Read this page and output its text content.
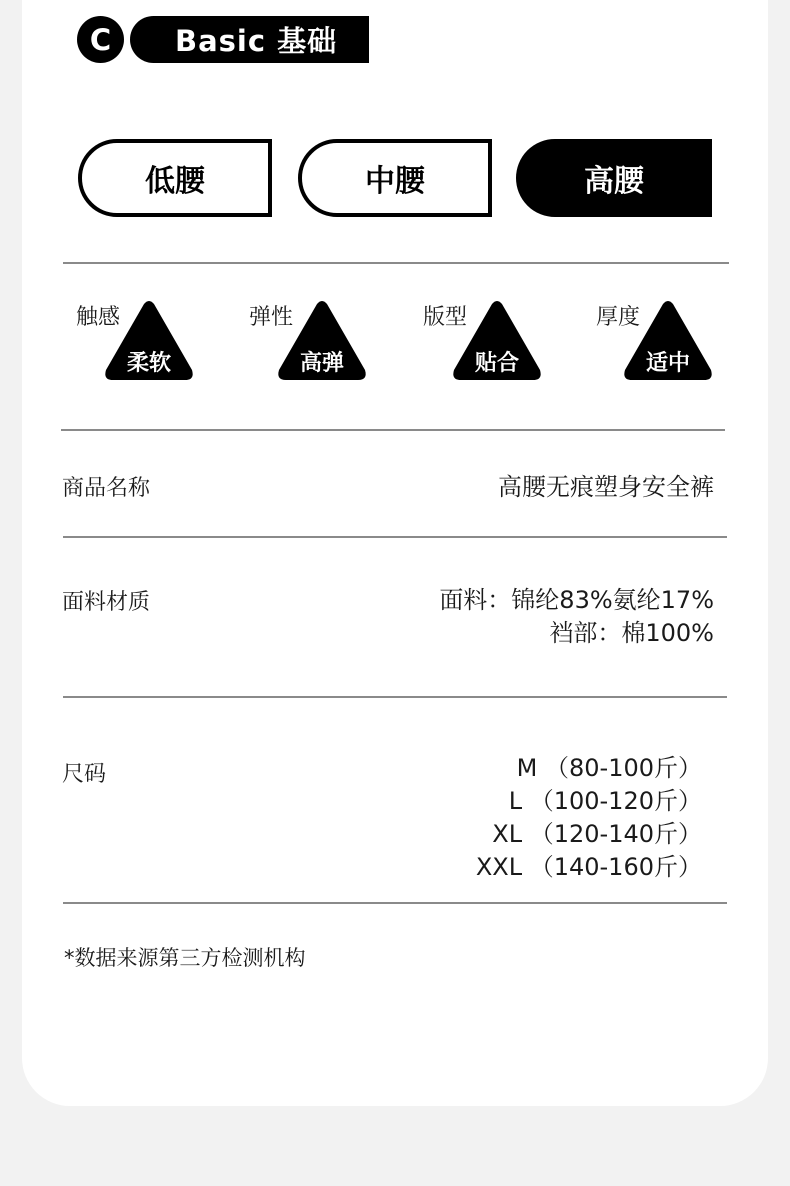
C	Basic 基础
低腰	中腰	高腰
触感
柔软
弹性
高弹
版型
贴合
厚度
适中
商品名称	高腰无痕塑身安全裤
面料材质	面料：锦纶83%氨纶17%
裆部：棉100%
尺码	M （80-100斤）
L （100-120斤）
XL （120-140斤）
XXL （140-160斤）
*数据来源第三方检测机构
